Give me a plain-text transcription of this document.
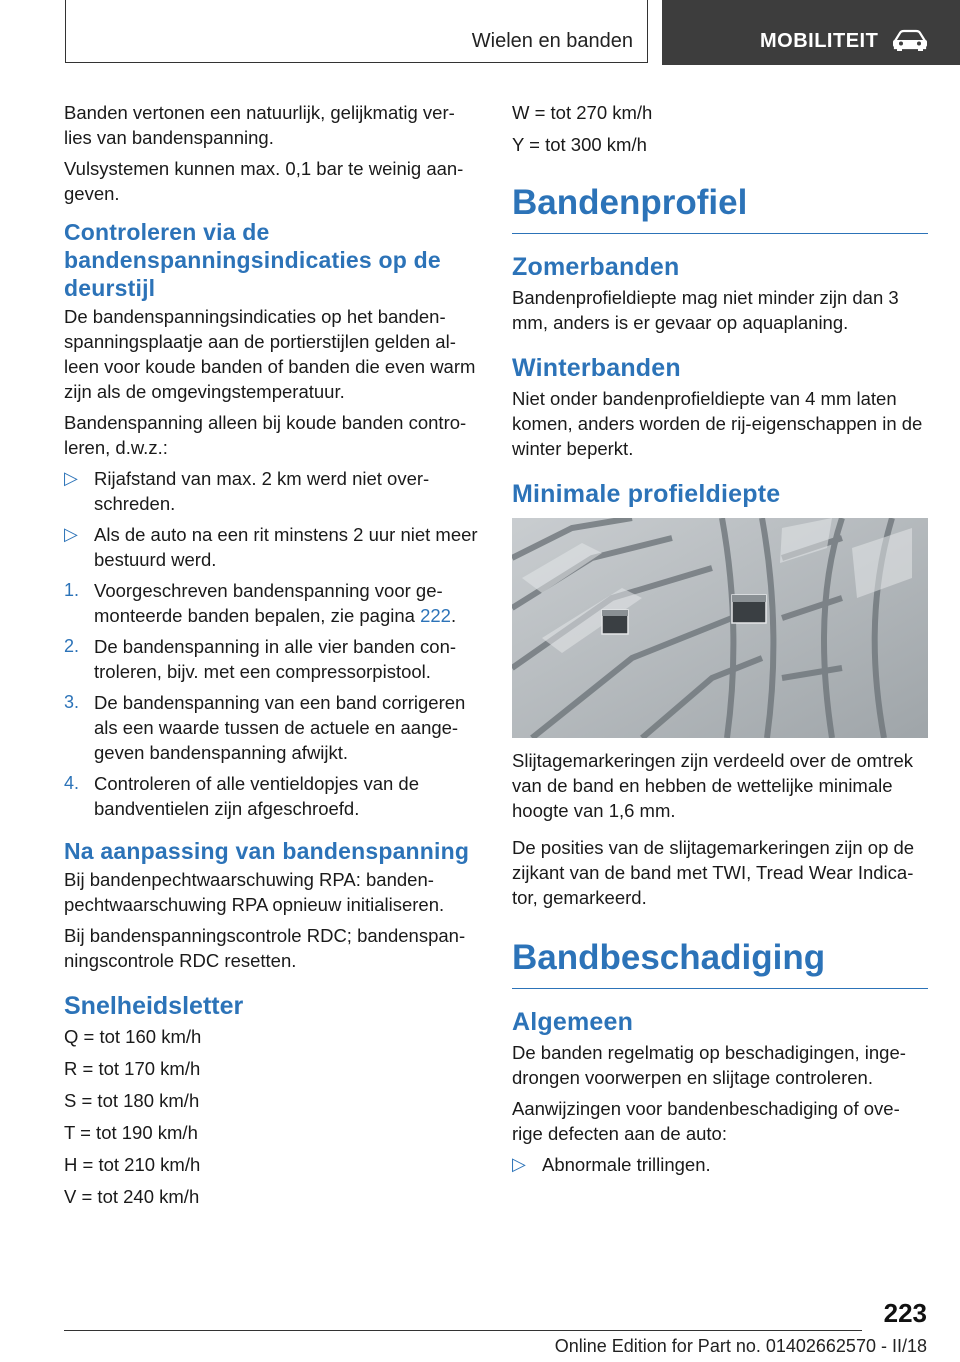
Wielen en banden	MOBILITEIT

Banden vertonen een natuurlijk, gelijkmatig ver-lies van bandenspanning.

Vulsystemen kunnen max. 0,1 bar te weinig aan-geven.

Controleren via de bandenspanningsindicaties op de deurstijl

De bandenspanningsindicaties op het banden-spanningsplaatje aan de portierstijlen gelden al-leen voor koude banden of banden die even warm zijn als de omgevingstemperatuur.

Bandenspanning alleen bij koude banden contro-leren, d.w.z.:

▷ Rijafstand van max. 2 km werd niet over-schreden.
▷ Als de auto na een rit minstens 2 uur niet meer bestuurd werd.
1. Voorgeschreven bandenspanning voor ge-monteerde banden bepalen, zie pagina 222.
2. De bandenspanning in alle vier banden con-troleren, bijv. met een compressorpistool.
3. De bandenspanning van een band corrigeren als een waarde tussen de actuele en aange-geven bandenspanning afwijkt.
4. Controleren of alle ventieldopjes van de bandventielen zijn afgeschroefd.
Na aanpassing van bandenspanning

Bij bandenpechtwaarschuwing RPA: banden-pechtwaarschuwing RPA opnieuw initialiseren.

Bij bandenspanningscontrole RDC; bandenspan-ningscontrole RDC resetten.

Snelheidsletter
Q = tot 160 km/h
R = tot 170 km/h
S = tot 180 km/h
T = tot 190 km/h
H = tot 210 km/h
V = tot 240 km/h
W = tot 270 km/h
Y = tot 300 km/h
Bandenprofiel
Zomerbanden

Bandenprofieldiepte mag niet minder zijn dan 3 mm, anders is er gevaar op aquaplaning.

Winterbanden

Niet onder bandenprofieldiepte van 4 mm laten komen, anders worden de rij-eigenschappen in de winter beperkt.

Minimale profieldiepte

Slijtagemarkeringen zijn verdeeld over de omtrek van de band en hebben de wettelijke minimale hoogte van 1,6 mm.

De posities van de slijtagemarkeringen zijn op de zijkant van de band met TWI, Tread Wear Indica-tor, gemarkeerd.

Bandbeschadiging
Algemeen

De banden regelmatig op beschadigingen, inge-drongen voorwerpen en slijtage controleren.

Aanwijzingen voor bandenbeschadiging of ove-rige defecten aan de auto:

▷ Abnormale trillingen.
223
Online Edition for Part no. 01402662570 - II/18
